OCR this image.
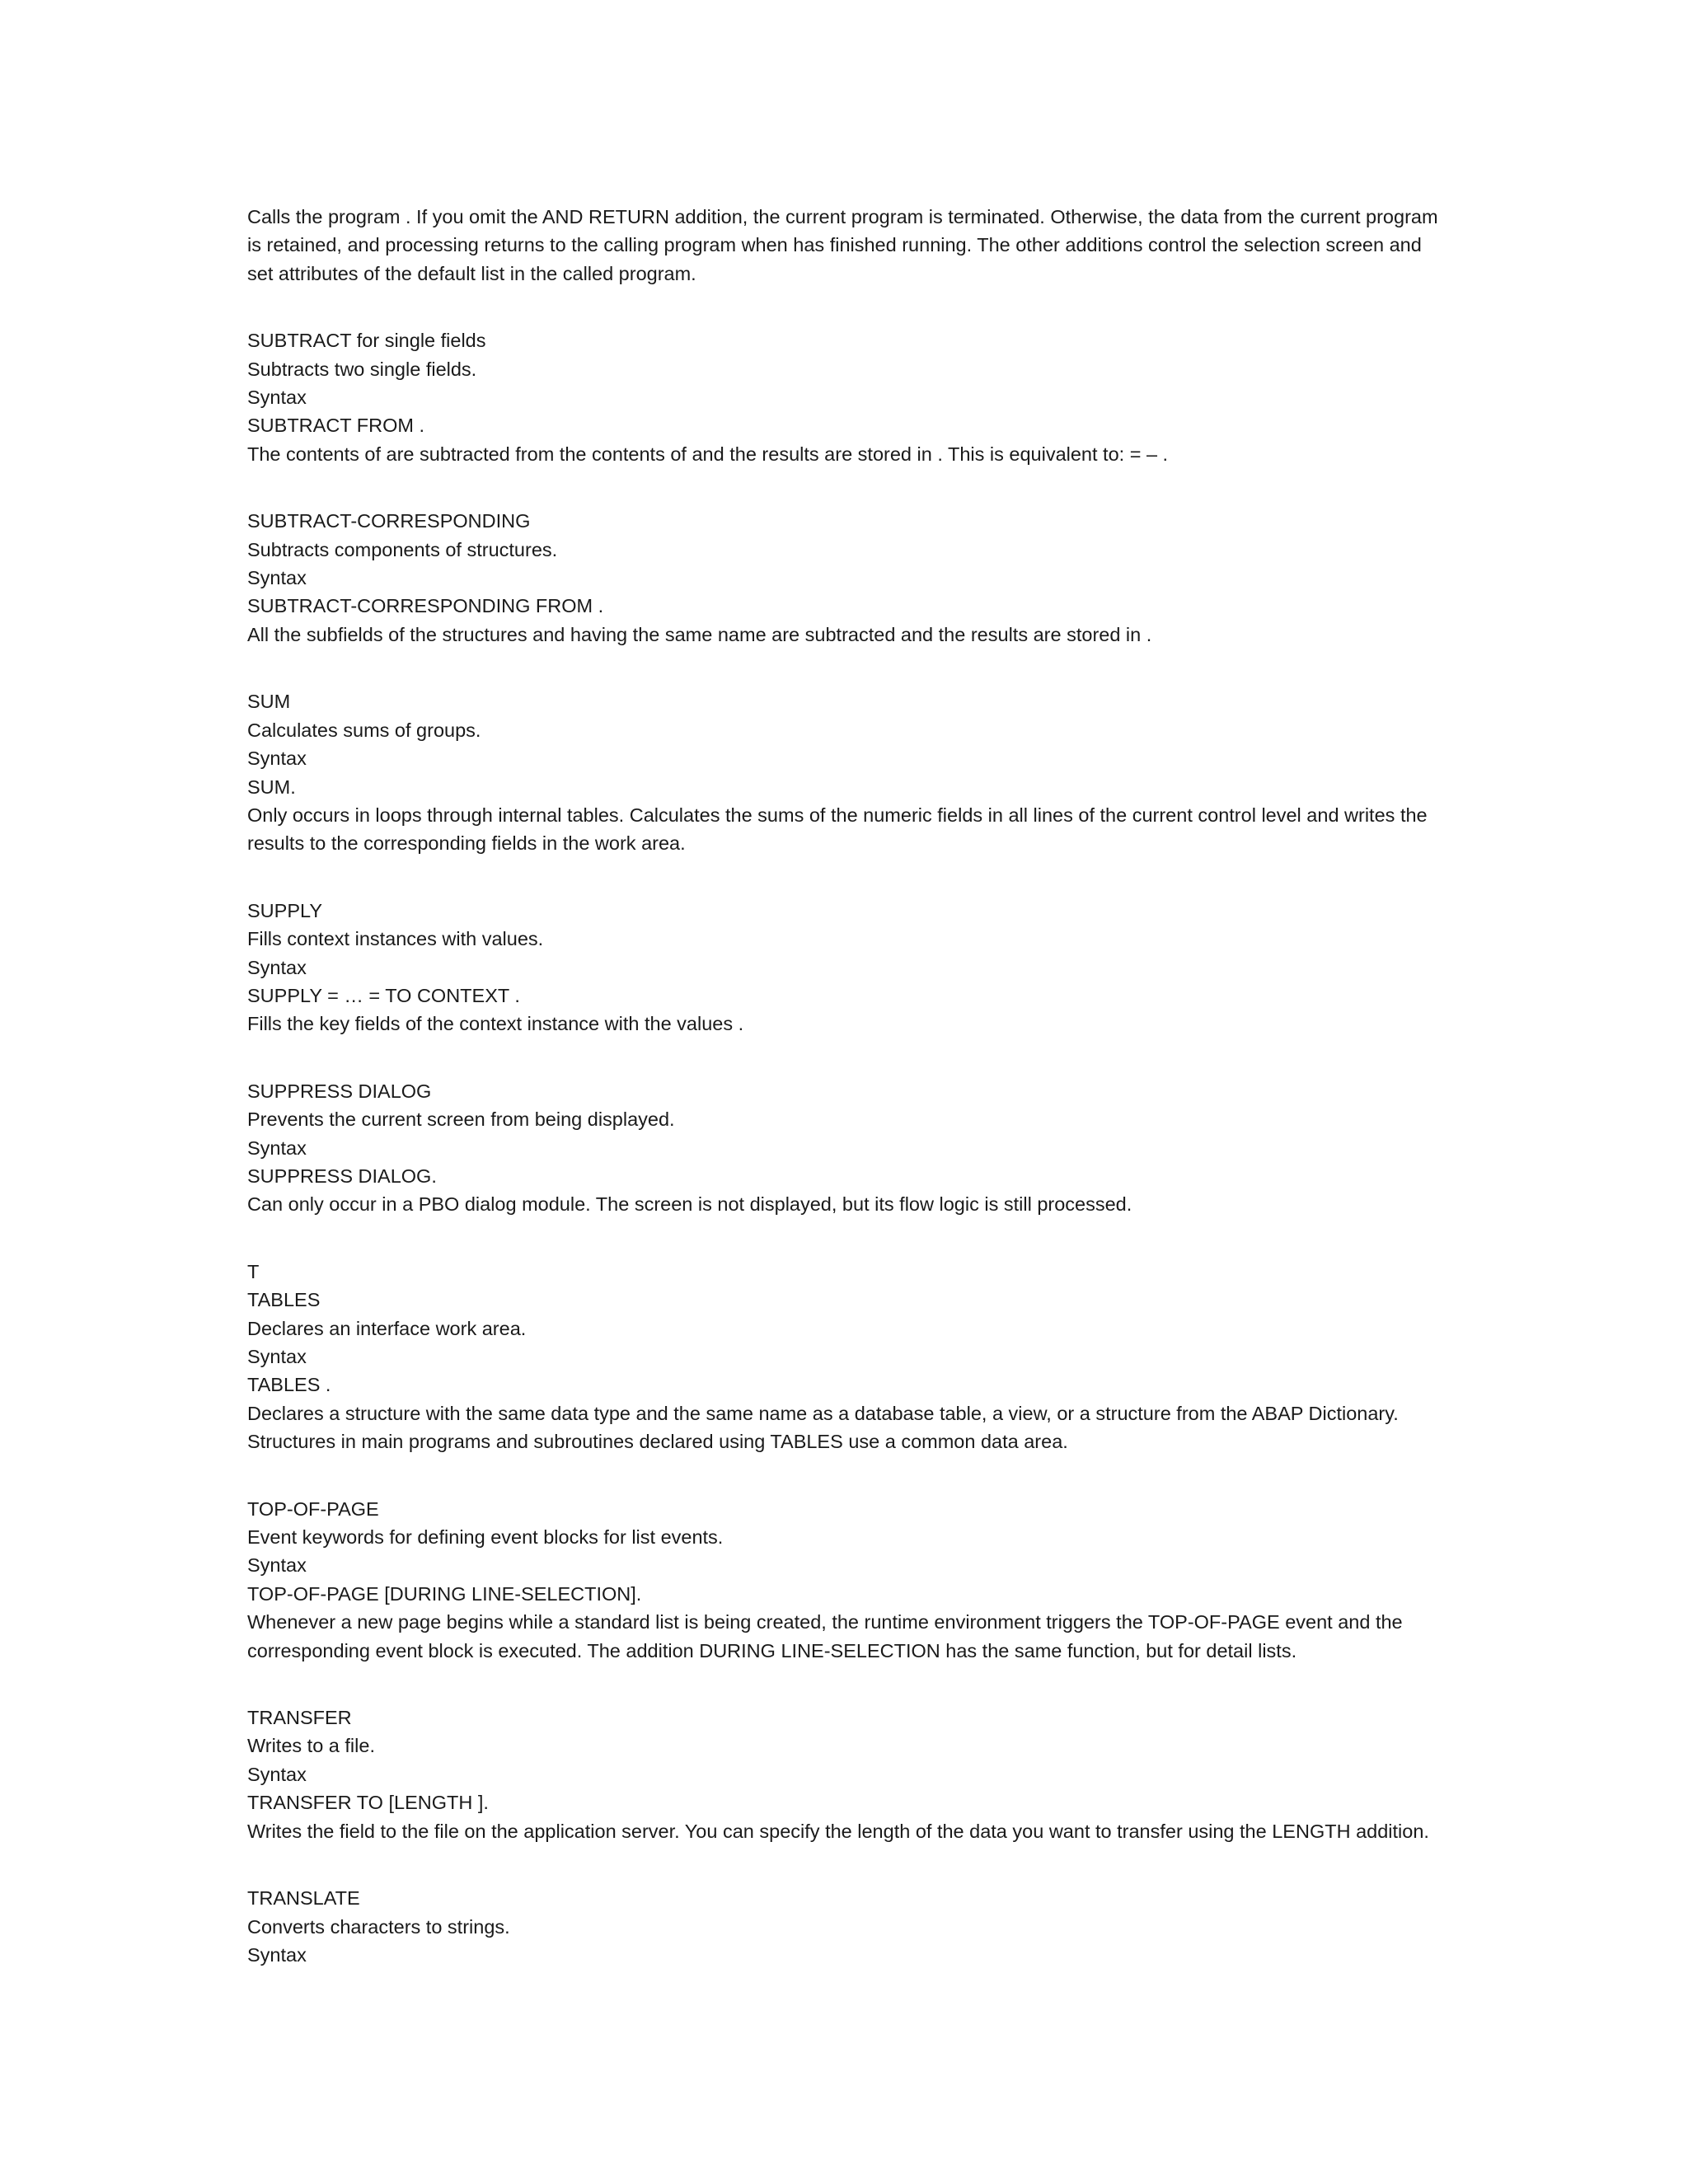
Calls the program . If you omit the AND RETURN addition, the current program is terminated. Otherwise, the data from the current program is retained, and processing returns to the calling program when has finished running. The other additions control the selection screen and set attributes of the default list in the called program.

SUBTRACT for single fields
Subtracts two single fields.
Syntax
SUBTRACT FROM .
The contents of are subtracted from the contents of and the results are stored in . This is equivalent to: = – .
SUBTRACT-CORRESPONDING
Subtracts components of structures.
Syntax
SUBTRACT-CORRESPONDING FROM .
All the subfields of the structures and having the same name are subtracted and the results are stored in .
SUM
Calculates sums of groups.
Syntax
SUM.
Only occurs in loops through internal tables. Calculates the sums of the numeric fields in all lines of the current control level and writes the results to the corresponding fields in the work area.
SUPPLY
Fills context instances with values.
Syntax
SUPPLY = … = TO CONTEXT .
Fills the key fields of the context instance with the values .
SUPPRESS DIALOG
Prevents the current screen from being displayed.
Syntax
SUPPRESS DIALOG.
Can only occur in a PBO dialog module. The screen is not displayed, but its flow logic is still processed.
T
TABLES
Declares an interface work area.
Syntax
TABLES .
Declares a structure with the same data type and the same name as a database table, a view, or a structure from the ABAP Dictionary. Structures in main programs and subroutines declared using TABLES use a common data area.
TOP-OF-PAGE
Event keywords for defining event blocks for list events.
Syntax
TOP-OF-PAGE [DURING LINE-SELECTION].
Whenever a new page begins while a standard list is being created, the runtime environment triggers the TOP-OF-PAGE event and the corresponding event block is executed. The addition DURING LINE-SELECTION has the same function, but for detail lists.
TRANSFER
Writes to a file.
Syntax
TRANSFER TO [LENGTH ].
Writes the field to the file on the application server. You can specify the length of the data you want to transfer using the LENGTH addition.
TRANSLATE
Converts characters to strings.
Syntax
